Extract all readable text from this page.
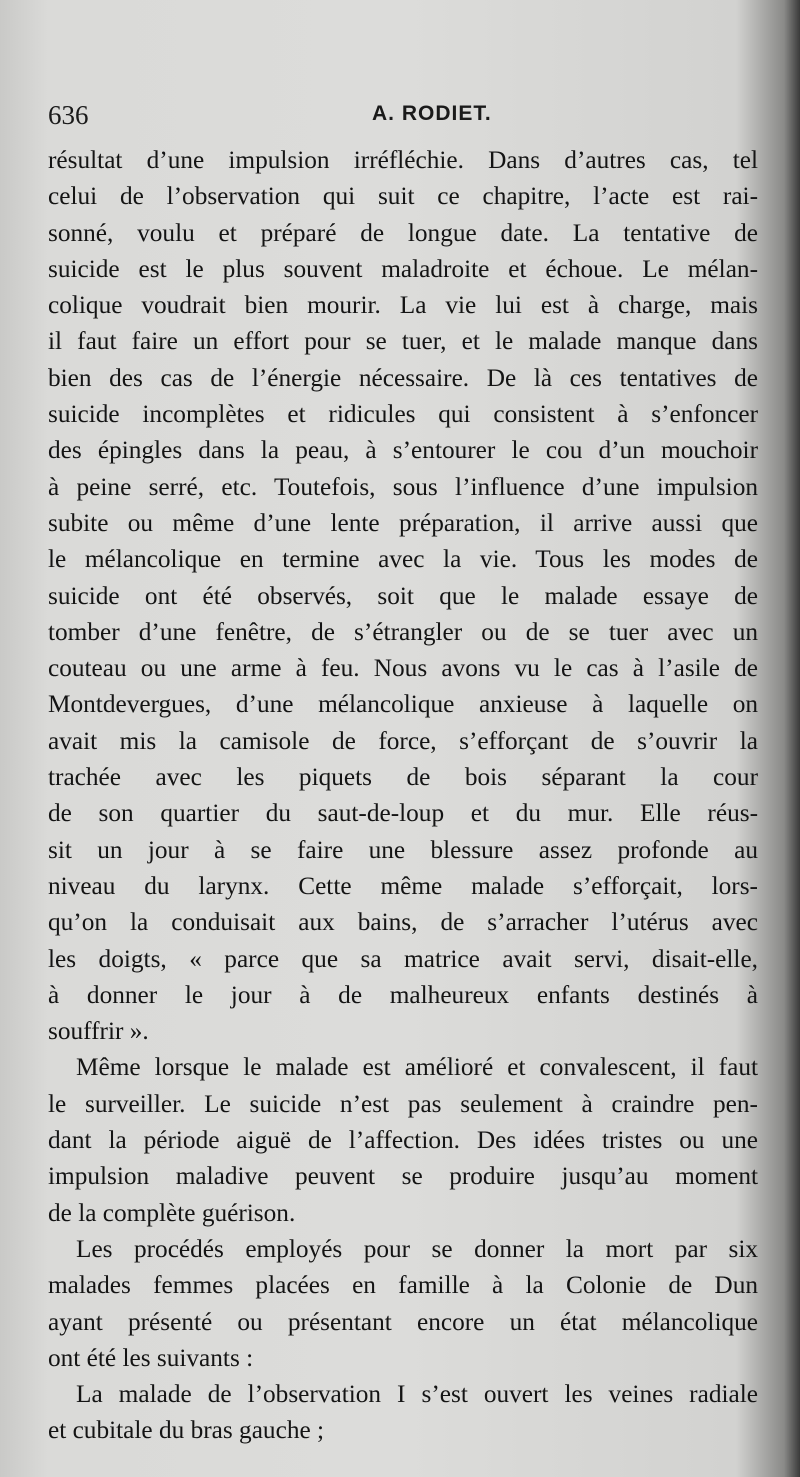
636	A. RODIET.
résultat d’une impulsion irréfléchie. Dans d’autres cas, tel
celui de l’observation qui suit ce chapitre, l’acte est rai-
sonné, voulu et préparé de longue date. La tentative de
suicide est le plus souvent maladroite et échoue. Le mélan-
colique voudrait bien mourir. La vie lui est à charge, mais
il faut faire un effort pour se tuer, et le malade manque dans
bien des cas de l’énergie nécessaire. De là ces tentatives de
suicide incomplètes et ridicules qui consistent à s’enfoncer
des épingles dans la peau, à s’entourer le cou d’un mouchoir
à peine serré, etc. Toutefois, sous l’influence d’une impulsion
subite ou même d’une lente préparation, il arrive aussi que
le mélancolique en termine avec la vie. Tous les modes de
suicide ont été observés, soit que le malade essaye de
tomber d’une fenêtre, de s’étrangler ou de se tuer avec un
couteau ou une arme à feu. Nous avons vu le cas à l’asile de
Montdevergues, d’une mélancolique anxieuse à laquelle on
avait mis la camisole de force, s’efforçant de s’ouvrir la
trachée avec les piquets de bois séparant la cour
de son quartier du saut-de-loup et du mur. Elle réus-
sit un jour à se faire une blessure assez profonde au
niveau du larynx. Cette même malade s’efforçait, lors-
qu’on la conduisait aux bains, de s’arracher l’utérus avec
les doigts, « parce que sa matrice avait servi, disait-elle,
à donner le jour à de malheureux enfants destinés à
souffrir ».
Même lorsque le malade est amélioré et convalescent, il faut
le surveiller. Le suicide n’est pas seulement à craindre pen-
dant la période aiguë de l’affection. Des idées tristes ou une
impulsion maladive peuvent se produire jusqu’au moment
de la complète guérison.
Les procédés employés pour se donner la mort par six
malades femmes placées en famille à la Colonie de Dun
ayant présenté ou présentant encore un état mélancolique
ont été les suivants :
La malade de l’observation I s’est ouvert les veines radiale
et cubitale du bras gauche ;
